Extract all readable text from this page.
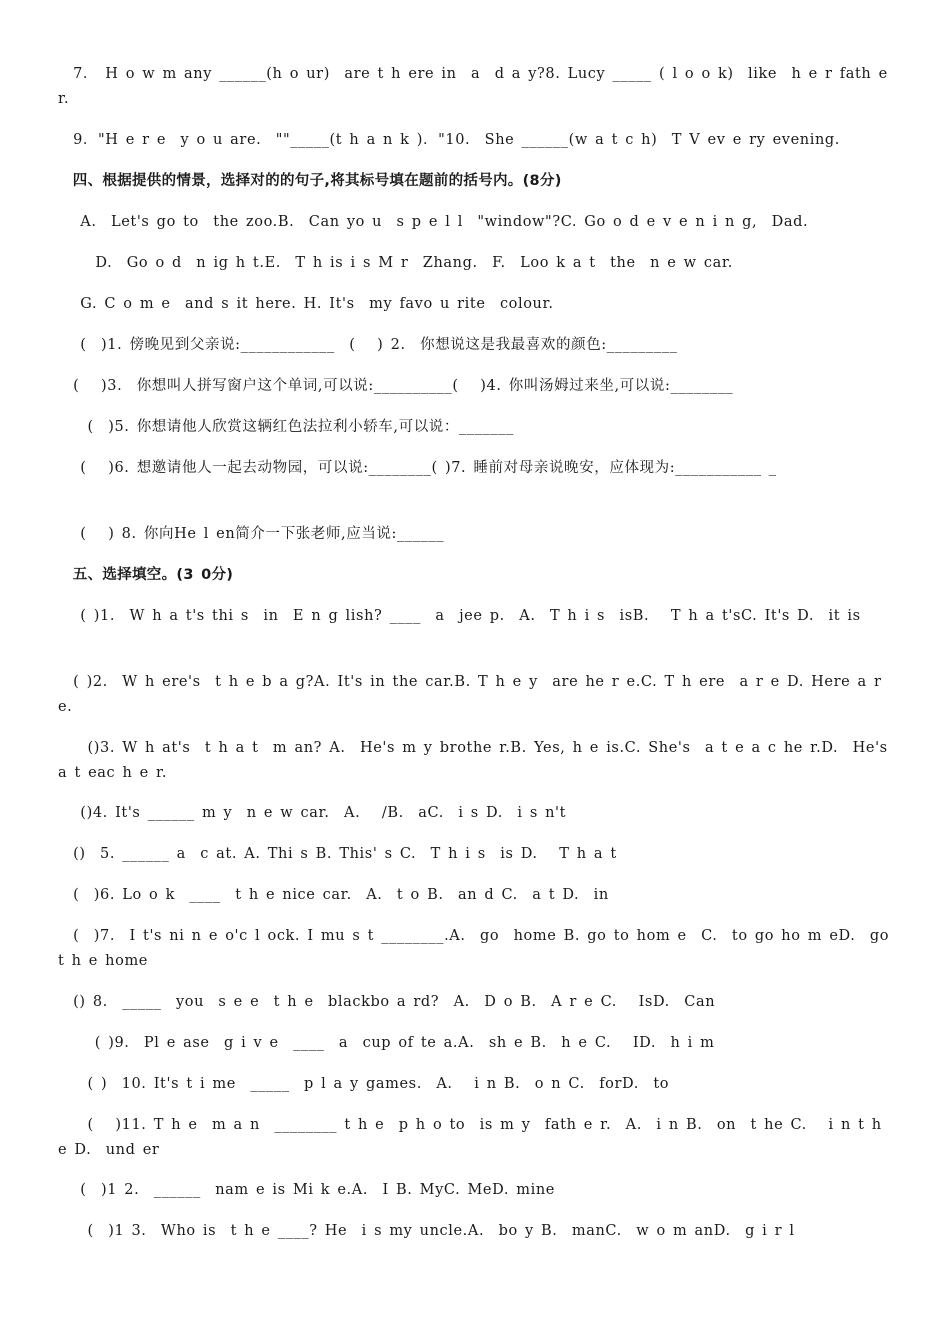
　7． H o w m any ______(h o ur)  are t h ere in  a  d a y?8. Lucy _____ ( l o o k)  like  h e r fath e r.
　9．"H e r e  y o u are.  ""_____(t h a n k )．"10.  She ______(w a t c h)  T V ev e ry evening.
　四、根据提供的情景，选择对的的句子,将其标号填在题前的括号内。(8分)
　 A.  Let's go to  the zoo.B.  Can yo u  s p e l l  "window"?C. Go o d e v e n i n g,  Dad.
　　 D.  Go o d  n ig h t.E.  T h is i s M r  Zhang.  F.  Loo k a t  the  n e w car.
　 G. C o m e  and s it here. H. It's  my favo u rite  colour.
　 (  )1. 傍晚见到父亲说:____________  (   ) 2.  你想说这是我最喜欢的颜色:_________
　(   )3.  你想叫人拼写窗户这个单词,可以说:__________(   )4. 你叫汤姆过来坐,可以说:________
　  (  )5. 你想请他人欣赏这辆红色法拉利小轿车,可以说：_______
　 (   )6. 想邀请他人一起去动物园，可以说:________( )7. 睡前对母亲说晚安，应体现为:___________ _
　 (   ) 8. 你向He l en简介一下张老师,应当说:______
　五、选择填空。(3 0分)
　 ( )1.  W h a t's thi s  in  E n g lish? ____  a  jee p.  A.  T h i s  isB.   T h a t'sC. It's D.  it is
　( )2.  W h ere's  t h e b a g?A. It's in the car.B. T h e y  are he r e.C. T h ere  a r e D. Here a r e.
　  ()3. W h at's  t h a t  m an? A.  He's m y brothe r.B. Yes, h e is.C. She's  a t e a c he r.D.  He's a t eac h e r.
　 ()4. It's ______ m y  n e w car.  A.   /B.  aC.  i s D.  i s n't
　()  5. ______ a  c at. A. Thi s B. This' s C.  T h i s  is D.   T h a t
　(  )6. Lo o k  ____  t h e nice car.  A.  t o B.  an d C.  a t D.  in
　(  )7.  I t's ni n e o'c l ock. I mu s t ________.A.  go  home B. go to hom e  C.  to go ho m eD.  go  t h e home
　() 8.  _____  you  s e e  t h e  blackbo a rd?  A.  D o B.  A r e C.   IsD.  Can
　   ( )9.  Pl e ase  g i v e  ____  a  cup of te a.A.  sh e B.  h e C.   ID.  h i m
　  ( )  10. It's t i me  _____  p l a y games.  A.   i n B.  o n C.  forD.  to
　  (   )11. T h e  m a n  ________ t h e  p h o to  is m y  fath e r.  A.  i n B.  on  t he C.   i n t h e D.  und er
　 (  )1 2.  ______  nam e is Mi k e.A.  I B. MyC. MeD. mine
　  (  )1 3.  Who is  t h e ____? He  i s my uncle.A.  bo y B.  manC.  w o m anD.  g i r l
